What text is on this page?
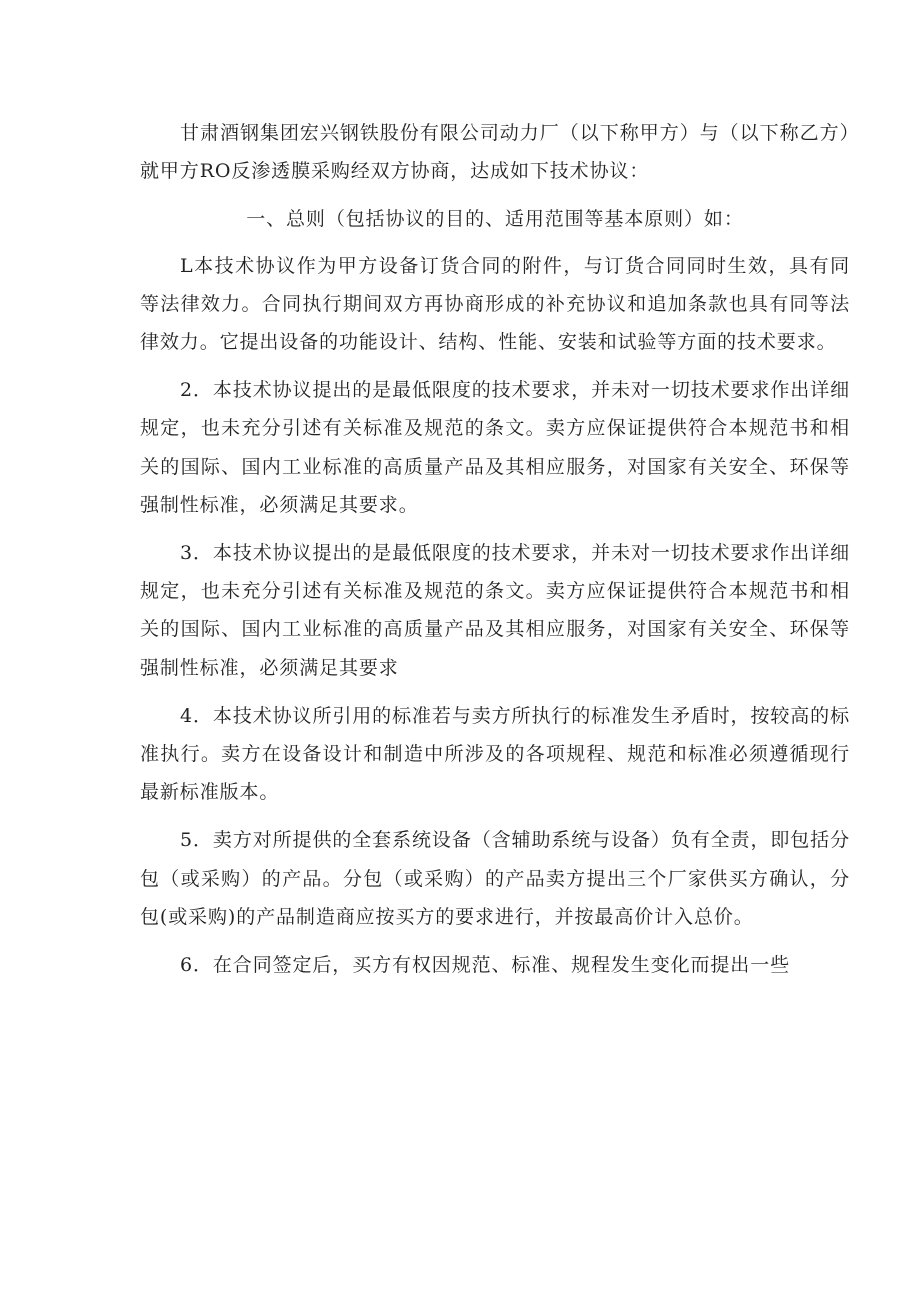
甘肃酒钢集团宏兴钢铁股份有限公司动力厂（以下称甲方）与（以下称乙方）就甲方RO反渗透膜采购经双方协商，达成如下技术协议：

一、总则（包括协议的目的、适用范围等基本原则）如：

L本技术协议作为甲方设备订货合同的附件，与订货合同同时生效，具有同等法律效力。合同执行期间双方再协商形成的补充协议和追加条款也具有同等法律效力。它提出设备的功能设计、结构、性能、安装和试验等方面的技术要求。

2．本技术协议提出的是最低限度的技术要求，并未对一切技术要求作出详细规定，也未充分引述有关标准及规范的条文。卖方应保证提供符合本规范书和相关的国际、国内工业标准的高质量产品及其相应服务，对国家有关安全、环保等强制性标准，必须满足其要求。

3．本技术协议提出的是最低限度的技术要求，并未对一切技术要求作出详细规定，也未充分引述有关标准及规范的条文。卖方应保证提供符合本规范书和相关的国际、国内工业标准的高质量产品及其相应服务，对国家有关安全、环保等强制性标准，必须满足其要求

4．本技术协议所引用的标准若与卖方所执行的标准发生矛盾时，按较高的标准执行。卖方在设备设计和制造中所涉及的各项规程、规范和标准必须遵循现行最新标准版本。

5．卖方对所提供的全套系统设备（含辅助系统与设备）负有全责，即包括分包（或采购）的产品。分包（或采购）的产品卖方提出三个厂家供买方确认，分包(或采购)的产品制造商应按买方的要求进行，并按最高价计入总价。

6．在合同签定后，买方有权因规范、标准、规程发生变化而提出一些
